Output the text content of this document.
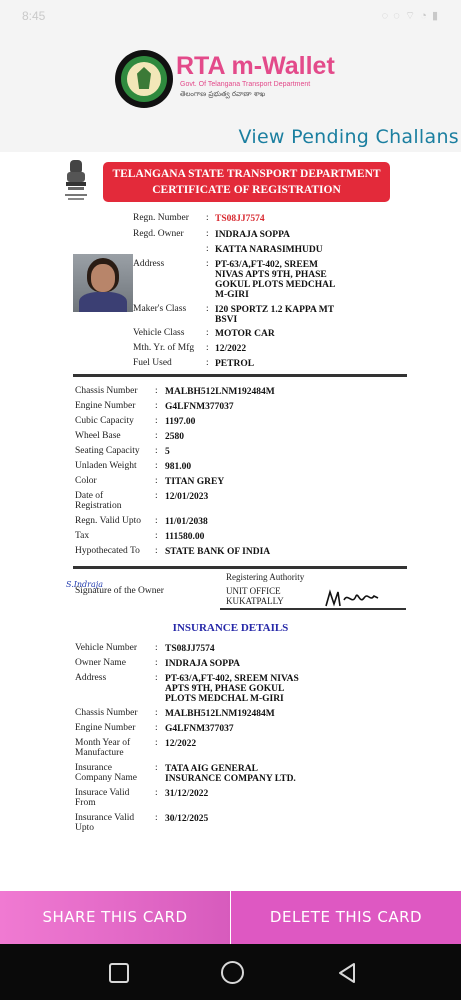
8:45	◌ ◌ ⌔ ◔ ▮
RTA m-Wallet
Govt. Of Telangana Transport Department
తెలంగాణ ప్రభుత్వ రవాణా శాఖ
View Pending Challans
TELANGANA STATE TRANSPORT DEPARTMENT
CERTIFICATE OF REGISTRATION
Regn. Number : TS08JJ7574
Regd. Owner : INDRAJA SOPPA
: KATTA NARASIMHUDU
Address	: PT-63/A,FT-402, SREEM
NIVAS APTS 9TH, PHASE
GOKUL PLOTS MEDCHAL
M-GIRI
Maker's Class : I20 SPORTZ 1.2 KAPPA MT
BSVI
Vehicle Class : MOTOR CAR
Mth. Yr. of Mfg : 12/2022
Fuel Used	: PETROL
Chassis Number : MALBH512LNM192484M
Engine Number : G4LFNM377037
Cubic Capacity : 1197.00
Wheel Base	: 2580
Seating Capacity : 5
Unladen Weight : 981.00
Color	: TITAN GREY
Date of
Registration
: 12/01/2023
Regn. Valid Upto : 11/01/2038
Tax	: 111580.00
Hypothecated To : STATE BANK OF INDIA
S.Indraja
Signature of the Owner
Registering Authority
UNIT OFFICE
KUKATPALLY
INSURANCE DETAILS
Vehicle Number : TS08JJ7574
Owner Name	: INDRAJA SOPPA
Address	: PT-63/A,FT-402, SREEM NIVAS
APTS 9TH, PHASE GOKUL
PLOTS MEDCHAL M-GIRI
Chassis Number : MALBH512LNM192484M
Engine Number : G4LFNM377037
Month Year of
Manufacture
: 12/2022
Insurance
Company Name
: TATA AIG GENERAL
INSURANCE COMPANY LTD.
Insurace Valid
From
: 31/12/2022
Insurance Valid
Upto
: 30/12/2025
SHARE THIS CARD	DELETE THIS CARD
